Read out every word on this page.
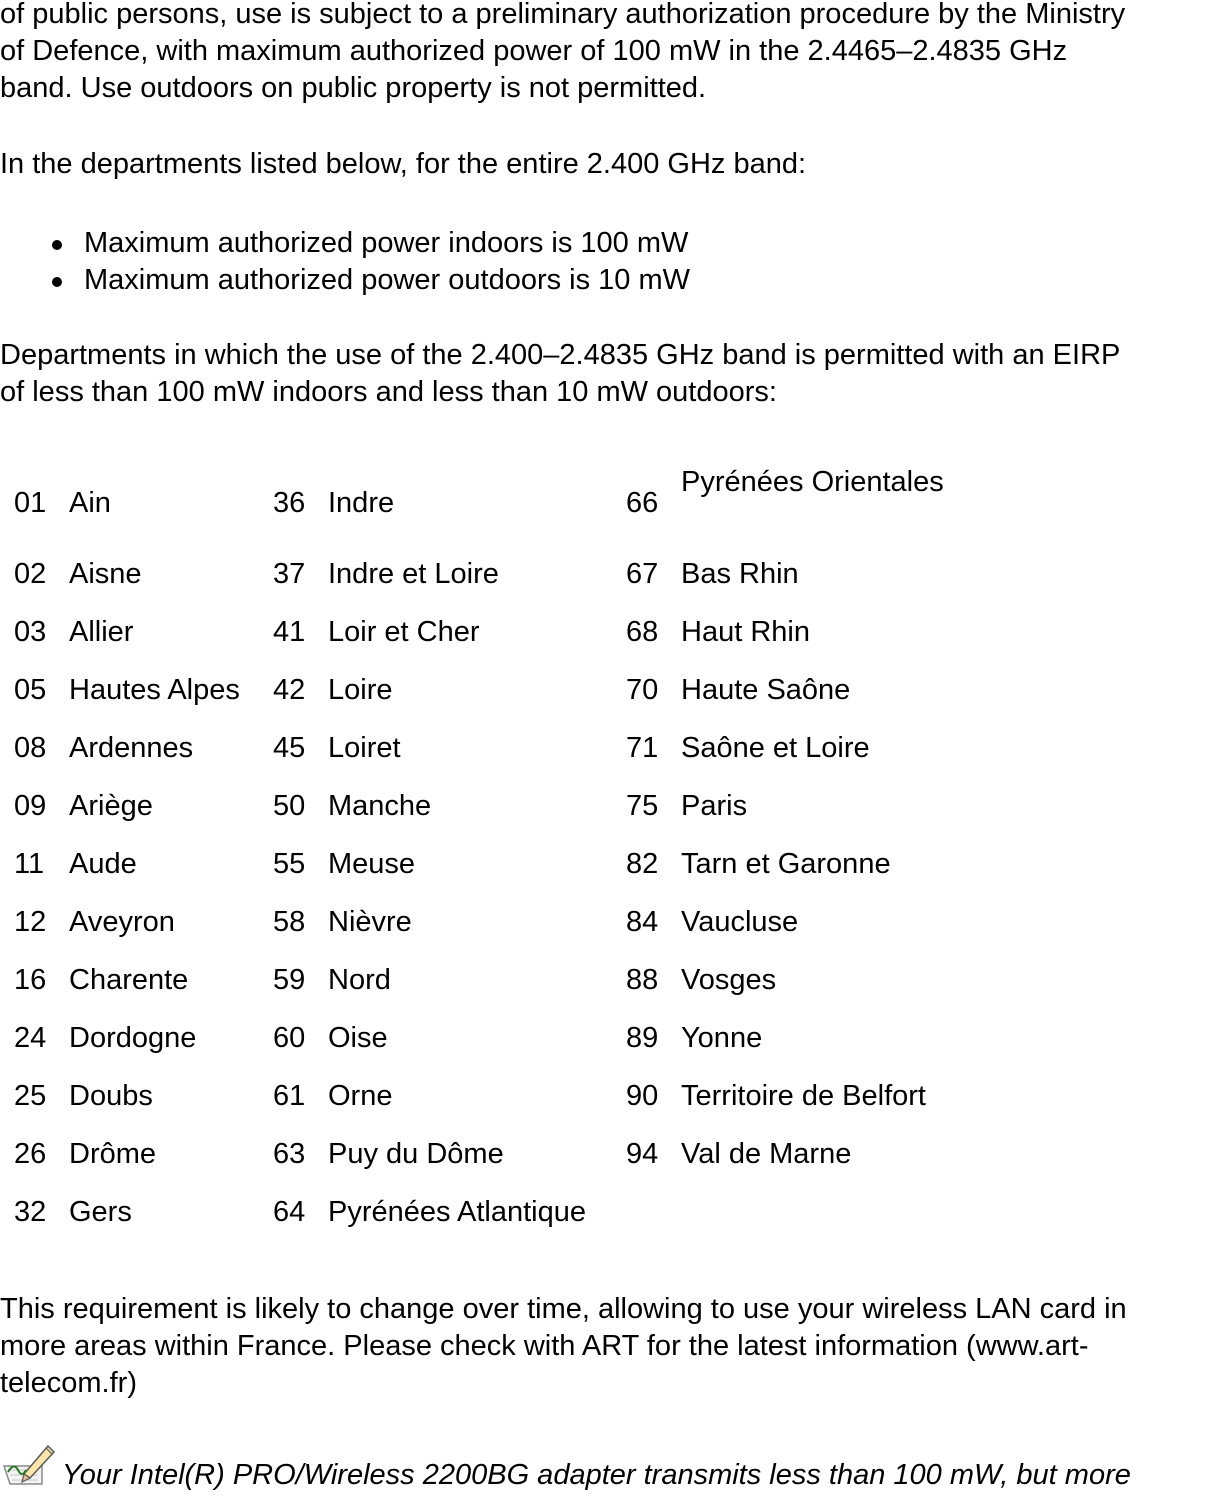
of public persons, use is subject to a preliminary authorization procedure by the Ministry
of Defence, with maximum authorized power of 100 mW in the 2.4465–2.4835 GHz
band. Use outdoors on public property is not permitted.
In the departments listed below, for the entire 2.400 GHz band:
Maximum authorized power indoors is 100 mW
Maximum authorized power outdoors is 10 mW
Departments in which the use of the 2.400–2.4835 GHz band is permitted with an EIRP
of less than 100 mW indoors and less than 10 mW outdoors:
01	Ain	36	Indre	66	Pyrénées Orientales
02	Aisne	37	Indre et Loire	67	Bas Rhin
03	Allier	41	Loir et Cher	68	Haut Rhin
05	Hautes Alpes	42	Loire	70	Haute Saône
08	Ardennes	45	Loiret	71	Saône et Loire
09	Ariège	50	Manche	75	Paris
11	Aude	55	Meuse	82	Tarn et Garonne
12	Aveyron	58	Nièvre	84	Vaucluse
16	Charente	59	Nord	88	Vosges
24	Dordogne	60	Oise	89	Yonne
25	Doubs	61	Orne	90	Territoire de Belfort
26	Drôme	63	Puy du Dôme	94	Val de Marne
32	Gers	64	Pyrénées Atlantique		
This requirement is likely to change over time, allowing to use your wireless LAN card in
more areas within France. Please check with ART for the latest information (www.art-
telecom.fr)
Your Intel(R) PRO/Wireless 2200BG adapter transmits less than 100 mW, but more
